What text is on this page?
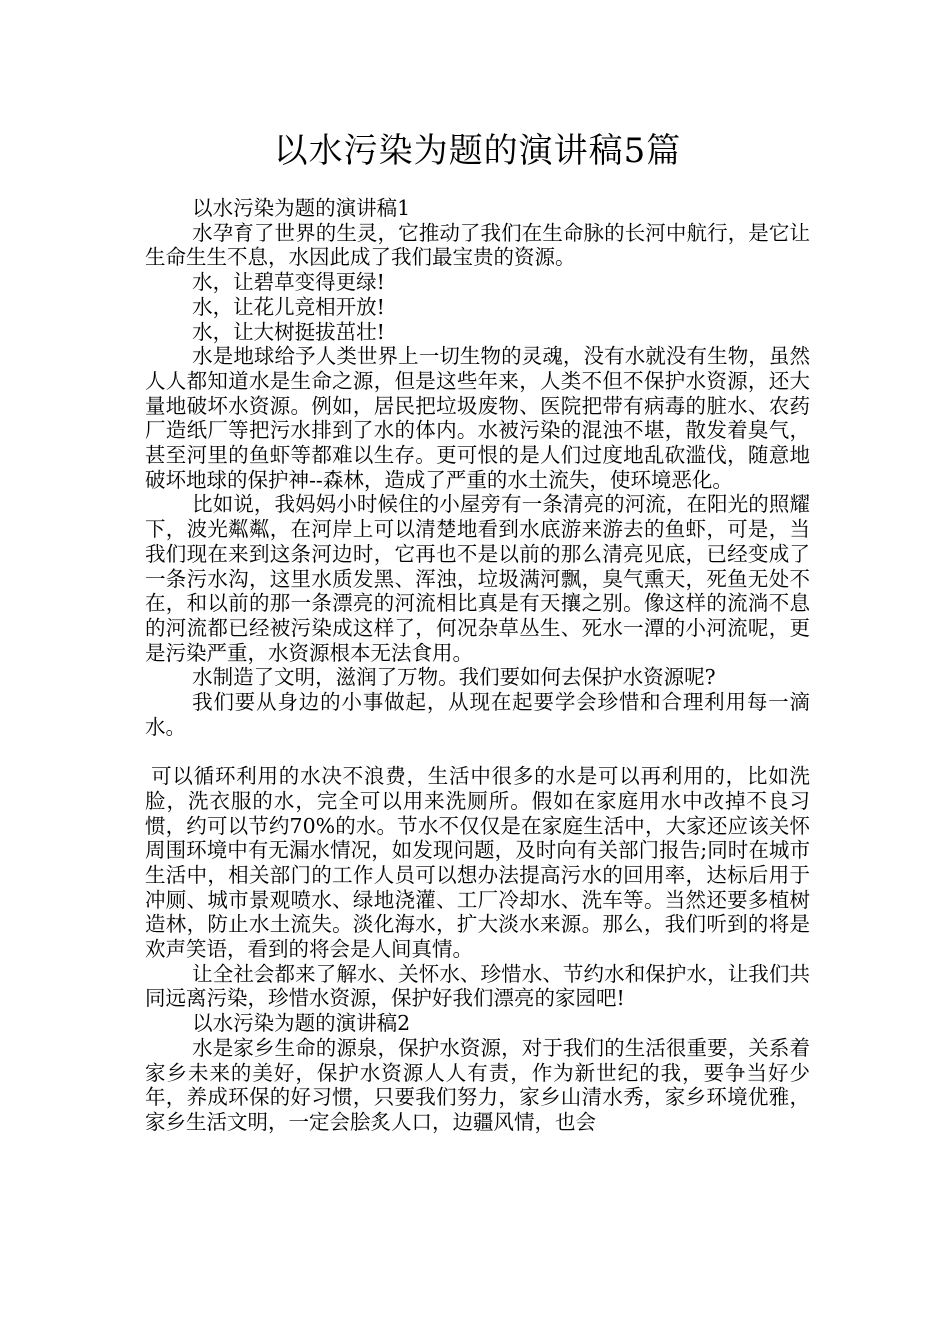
以水污染为题的演讲稿5篇

以水污染为题的演讲稿1

水孕育了世界的生灵，它推动了我们在生命脉的长河中航行，是它让生命生生不息，水因此成了我们最宝贵的资源。

水，让碧草变得更绿!

水，让花儿竞相开放!

水，让大树挺拔茁壮!

水是地球给予人类世界上一切生物的灵魂，没有水就没有生物，虽然人人都知道水是生命之源，但是这些年来，人类不但不保护水资源，还大量地破坏水资源。例如，居民把垃圾废物、医院把带有病毒的脏水、农药厂造纸厂等把污水排到了水的体内。水被污染的混浊不堪，散发着臭气，甚至河里的鱼虾等都难以生存。更可恨的是人们过度地乱砍滥伐，随意地破坏地球的保护神--森林，造成了严重的水土流失，使环境恶化。

比如说，我妈妈小时候住的小屋旁有一条清亮的河流，在阳光的照耀下，波光粼粼，在河岸上可以清楚地看到水底游来游去的鱼虾，可是，当我们现在来到这条河边时，它再也不是以前的那么清亮见底，已经变成了一条污水沟，这里水质发黑、浑浊，垃圾满河飘，臭气熏天，死鱼无处不在，和以前的那一条漂亮的河流相比真是有天攘之别。像这样的流淌不息的河流都已经被污染成这样了，何况杂草丛生、死水一潭的小河流呢，更是污染严重，水资源根本无法食用。

水制造了文明，滋润了万物。我们要如何去保护水资源呢?

我们要从身边的小事做起，从现在起要学会珍惜和合理利用每一滴水。

可以循环利用的水决不浪费，生活中很多的水是可以再利用的，比如洗脸，洗衣服的水，完全可以用来洗厕所。假如在家庭用水中改掉不良习惯，约可以节约70%的水。节水不仅仅是在家庭生活中，大家还应该关怀周围环境中有无漏水情况，如发现问题，及时向有关部门报告;同时在城市生活中，相关部门的工作人员可以想办法提高污水的回用率，达标后用于冲厕、城市景观喷水、绿地浇灌、工厂冷却水、洗车等。当然还要多植树造林，防止水土流失。淡化海水，扩大淡水来源。那么，我们听到的将是欢声笑语，看到的将会是人间真情。

让全社会都来了解水、关怀水、珍惜水、节约水和保护水，让我们共同远离污染，珍惜水资源，保护好我们漂亮的家园吧!

以水污染为题的演讲稿2

水是家乡生命的源泉，保护水资源，对于我们的生活很重要，关系着家乡未来的美好，保护水资源人人有责，作为新世纪的我，要争当好少年，养成环保的好习惯，只要我们努力，家乡山清水秀，家乡环境优雅，家乡生活文明，一定会脍炙人口，边疆风情，也会
